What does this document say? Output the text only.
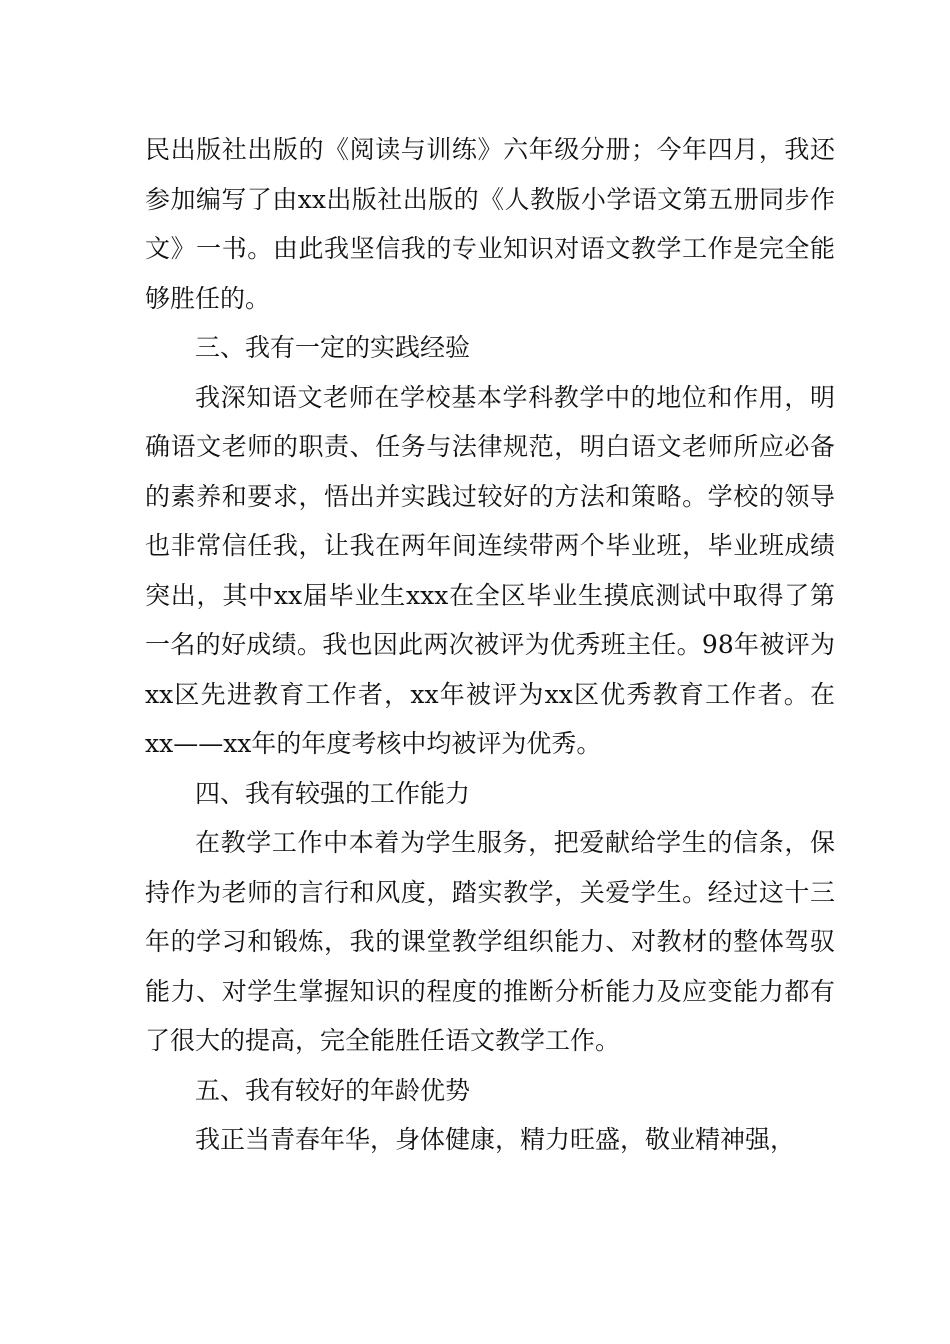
民出版社出版的《阅读与训练》六年级分册；今年四月，我还参加编写了由xx出版社出版的《人教版小学语文第五册同步作文》一书。由此我坚信我的专业知识对语文教学工作是完全能够胜任的。

三、我有一定的实践经验

我深知语文老师在学校基本学科教学中的地位和作用，明确语文老师的职责、任务与法律规范，明白语文老师所应必备的素养和要求，悟出并实践过较好的方法和策略。学校的领导也非常信任我，让我在两年间连续带两个毕业班，毕业班成绩突出，其中xx届毕业生xxx在全区毕业生摸底测试中取得了第一名的好成绩。我也因此两次被评为优秀班主任。98年被评为xx区先进教育工作者，xx年被评为xx区优秀教育工作者。在 xx——xx年的年度考核中均被评为优秀。

四、我有较强的工作能力

在教学工作中本着为学生服务，把爱献给学生的信条，保持作为老师的言行和风度，踏实教学，关爱学生。经过这十三年的学习和锻炼，我的课堂教学组织能力、对教材的整体驾驭能力、对学生掌握知识的程度的推断分析能力及应变能力都有了很大的提高，完全能胜任语文教学工作。

五、我有较好的年龄优势

我正当青春年华，身体健康，精力旺盛，敬业精神强，
